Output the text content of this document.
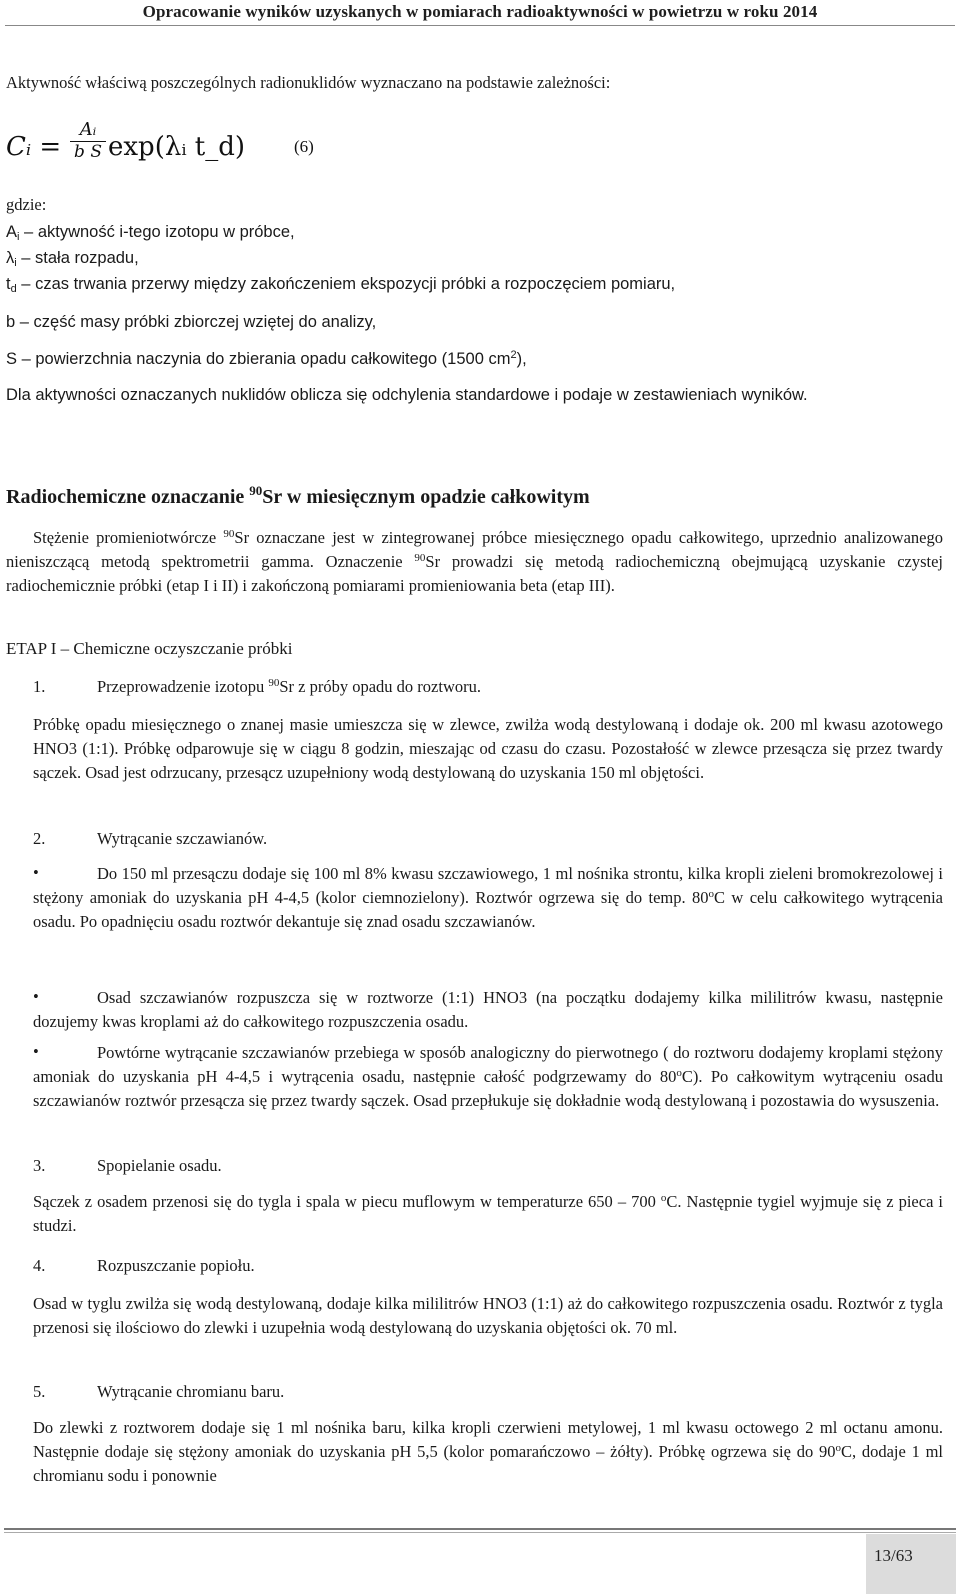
Opracowanie wyników uzyskanych w pomiarach radioaktywności w powietrzu w roku 2014
Aktywność właściwą poszczególnych radionuklidów wyznaczano na podstawie zależności:
Cᵢ = $\frac{\text{Aᵢ}}{\text{b S}}$ exp(λᵢ t_d)	(6)
gdzie:
$A_i$ – aktywność i-tego izotopu w próbce,
$\lambda_i$ – stała rozpadu,
$t_d$ – czas trwania przerwy między zakończeniem ekspozycji próbki a rozpoczęciem pomiaru,
b – część masy próbki zbiorczej wziętej do analizy,
S – powierzchnia naczynia do zbierania opadu całkowitego (1500 $cm^2$),
Dla aktywności oznaczanych nuklidów oblicza się odchylenia standardowe i podaje w zestawieniach wyników.
Radiochemiczne oznaczanie $^{90}$Sr w miesięcznym opadzie całkowitym
Stężenie promieniotwórcze $^{90}$Sr oznaczane jest w zintegrowanej próbce miesięcznego opadu całkowitego, uprzednio analizowanego nieniszczącą metodą spektrometrii gamma. Oznaczenie $^{90}$Sr prowadzi się metodą radiochemiczną obejmującą uzyskanie czystej radiochemicznie próbki (etap I i II) i zakończoną pomiarami promieniowania beta (etap III).
ETAP I – Chemiczne oczyszczanie próbki
1.	Przeprowadzenie izotopu $^{90}$Sr z próby opadu do roztworu.
Próbkę opadu miesięcznego o znanej masie umieszcza się w zlewce, zwilża wodą destylowaną i dodaje ok. 200 ml kwasu azotowego HNO3 (1:1). Próbkę odparowuje się w ciągu 8 godzin, mieszając od czasu do czasu. Pozostałość w zlewce przesącza się przez twardy sączek. Osad jest odrzucany, przesącz uzupełniony wodą destylowaną do uzyskania 150 ml objętości.
2.	Wytrącanie szczawianów.
•	Do 150 ml przesączu dodaje się 100 ml 8% kwasu szczawiowego, 1 ml nośnika strontu, kilka kropli zieleni bromokrezolowej i stężony amoniak do uzyskania pH 4-4,5 (kolor ciemnozielony). Roztwór ogrzewa się do temp. 80$^o$C w celu całkowitego wytrącenia osadu. Po opadnięciu osadu roztwór dekantuje się znad osadu szczawianów.
•	Osad szczawianów rozpuszcza się w roztworze (1:1) HNO3 (na początku dodajemy kilka mililitrów kwasu, następnie dozujemy kwas kroplami aż do całkowitego rozpuszczenia osadu.
•	Powtórne wytrącanie szczawianów przebiega w sposób analogiczny do pierwotnego ( do roztworu dodajemy kroplami stężony amoniak do uzyskania pH 4-4,5 i wytrącenia osadu, następnie całość podgrzewamy do 80$^o$C). Po całkowitym wytrąceniu osadu szczawianów roztwór przesącza się przez twardy sączek. Osad przepłukuje się dokładnie wodą destylowaną i pozostawia do wysuszenia.
3.	Spopielanie osadu.
Sączek z osadem przenosi się do tygla i spala w piecu muflowym w temperaturze 650 – 700 $^o$C. Następnie tygiel wyjmuje się z pieca i studzi.
4.	Rozpuszczanie popiołu.
Osad w tyglu zwilża się wodą destylowaną, dodaje kilka mililitrów HNO3 (1:1) aż do całkowitego rozpuszczenia osadu. Roztwór z tygla przenosi się ilościowo do zlewki i uzupełnia wodą destylowaną do uzyskania objętości ok. 70 ml.
5.	Wytrącanie chromianu baru.
Do zlewki z roztworem dodaje się 1 ml nośnika baru, kilka kropli czerwieni metylowej, 1 ml kwasu octowego 2 ml octanu amonu. Następnie dodaje się stężony amoniak do uzyskania pH 5,5 (kolor pomarańczowo – żółty). Próbkę ogrzewa się do 90$^o$C, dodaje 1 ml chromianu sodu i ponownie
13/63
